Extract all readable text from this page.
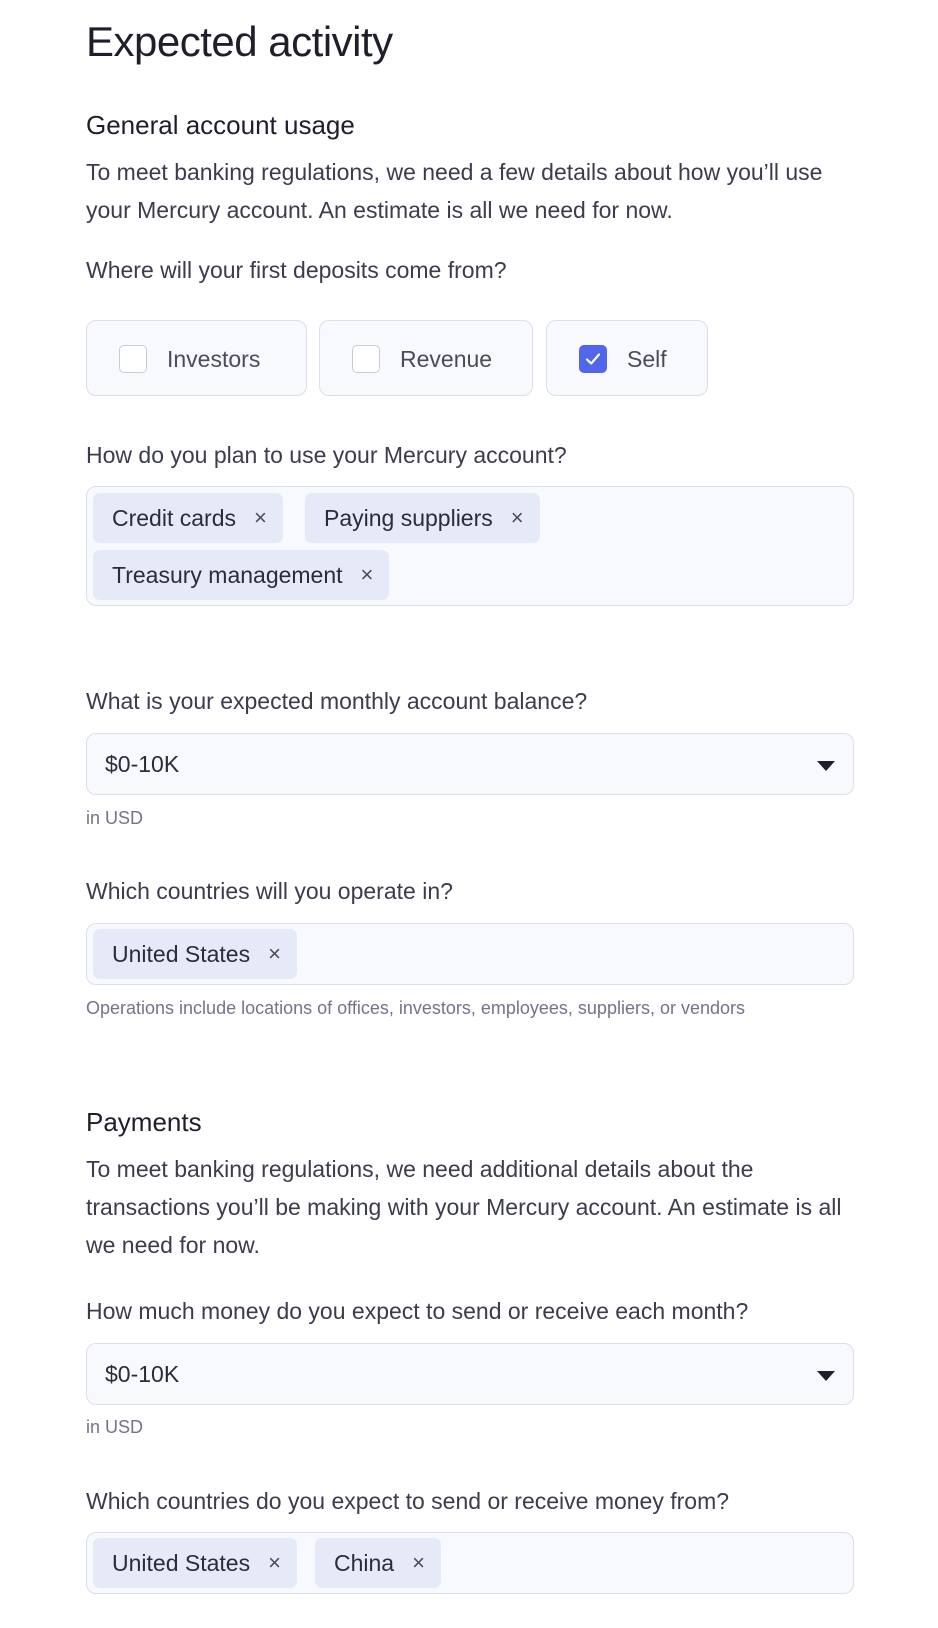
Expected activity
General account usage

To meet banking regulations, we need a few details about how you’ll use your Mercury account. An estimate is all we need for now.

Where will your first deposits come from?
Investors	Revenue	Self
How do you plan to use your Mercury account?
Credit cards × Paying suppliers ×
Treasury management ×
What is your expected monthly account balance?
$0-10K
in USD
Which countries will you operate in?
United States ×
Operations include locations of offices, investors, employees, suppliers, or vendors
Payments

To meet banking regulations, we need additional details about the transactions you’ll be making with your Mercury account. An estimate is all we need for now.

How much money do you expect to send or receive each month?
$0-10K
in USD
Which countries do you expect to send or receive money from?
United States × China ×
